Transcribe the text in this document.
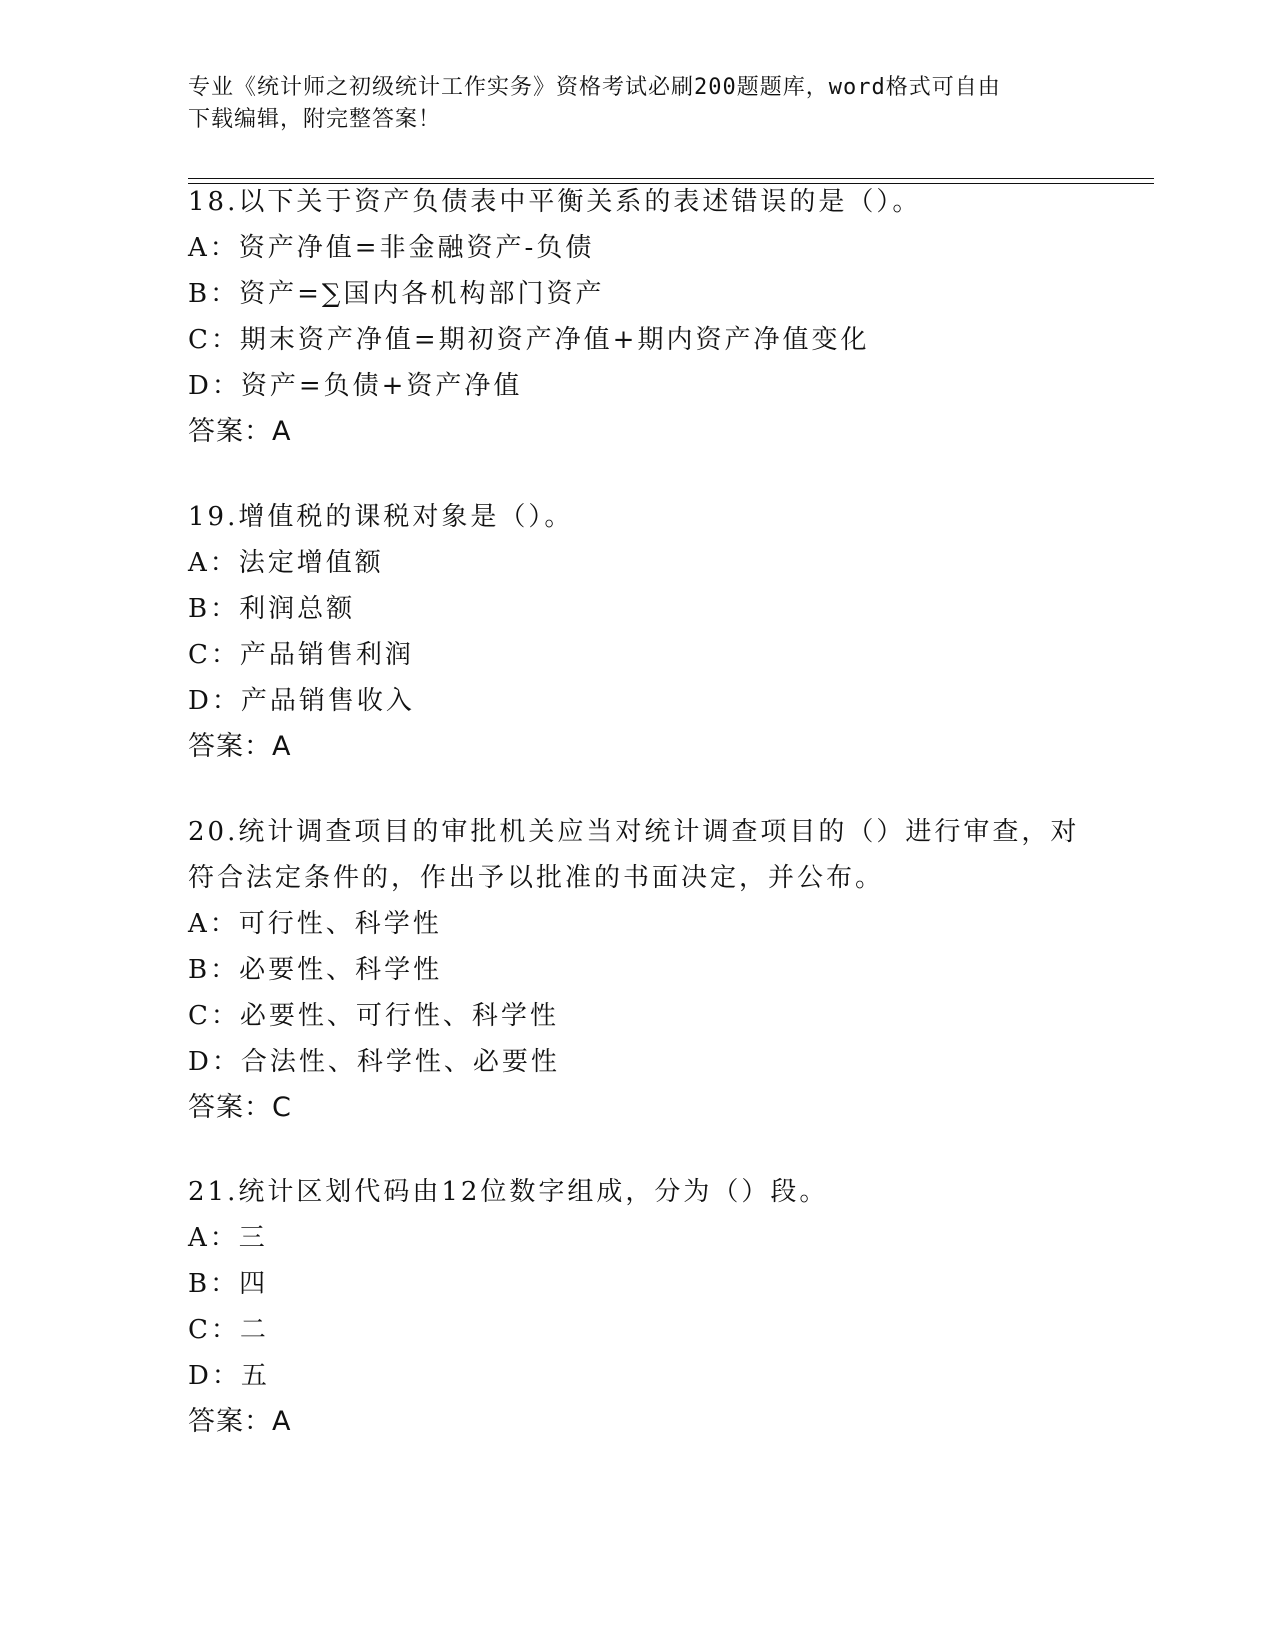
专业《统计师之初级统计工作实务》资格考试必刷200题题库，word格式可自由
下载编辑，附完整答案！
18.以下关于资产负债表中平衡关系的表述错误的是（）。
A：资产净值=非金融资产-负债
B：资产=∑国内各机构部门资产
C：期末资产净值=期初资产净值+期内资产净值变化
D：资产=负债+资产净值
答案：A
19.增值税的课税对象是（）。
A：法定增值额
B：利润总额
C：产品销售利润
D：产品销售收入
答案：A
20.统计调查项目的审批机关应当对统计调查项目的（）进行审查，对
符合法定条件的，作出予以批准的书面决定，并公布。
A：可行性、科学性
B：必要性、科学性
C：必要性、可行性、科学性
D：合法性、科学性、必要性
答案：C
21.统计区划代码由12位数字组成，分为（）段。
A：三
B：四
C：二
D：五
答案：A
